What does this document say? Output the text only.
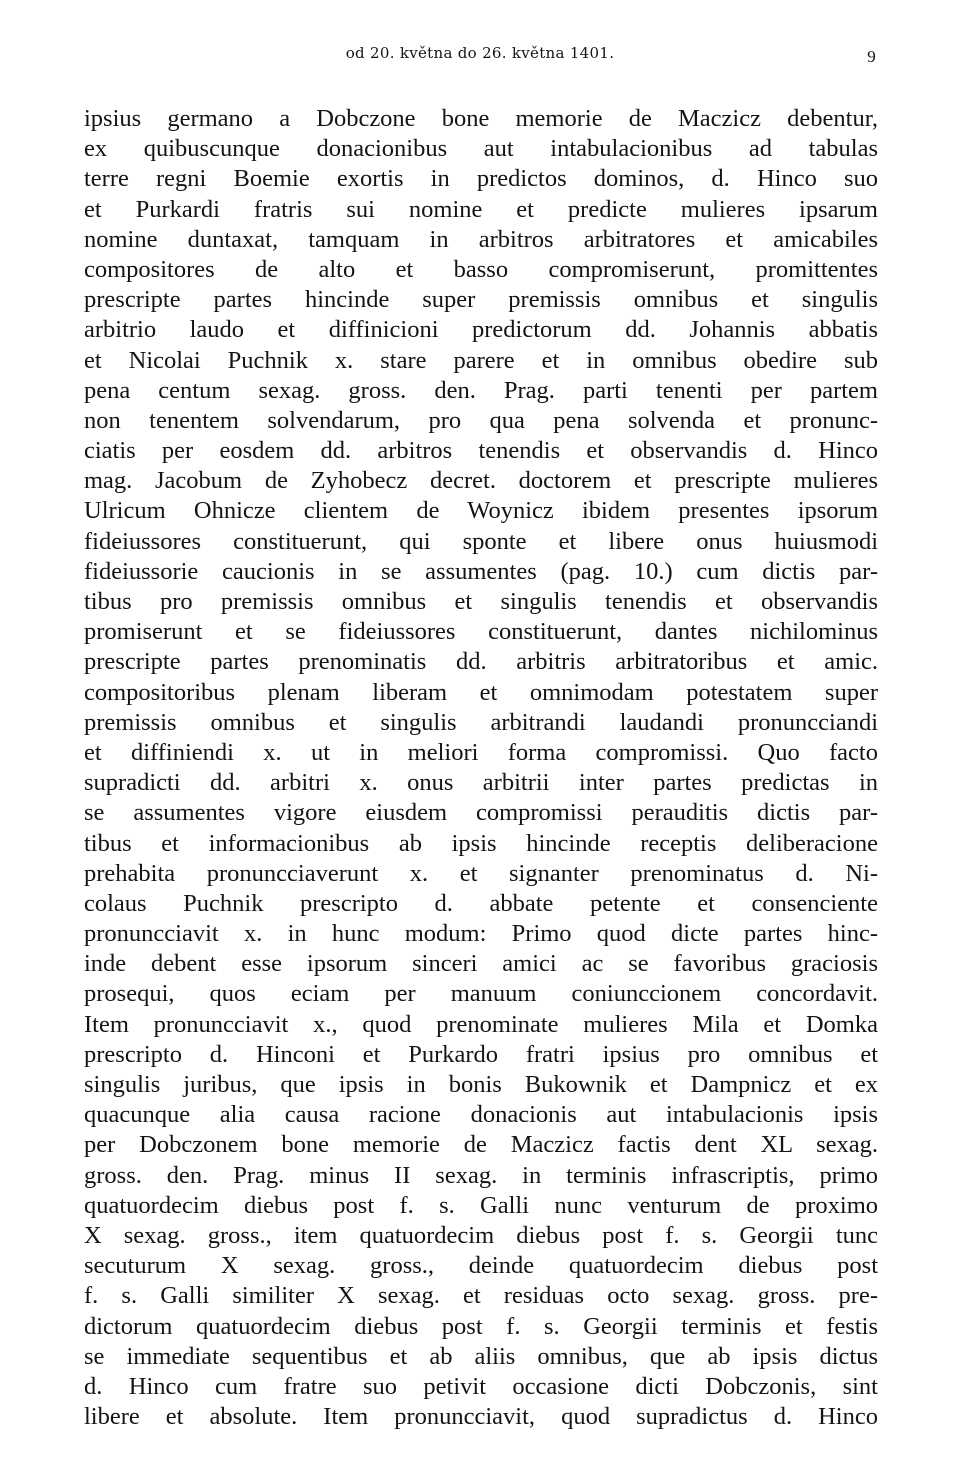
od 20. května do 26. května 1401.	9
ipsius germano a Dobczone bone memorie de Maczicz debentur,
ex quibuscunque donacionibus aut intabulacionibus ad tabulas
terre regni Boemie exortis in predictos dominos, d. Hinco suo
et Purkardi fratris sui nomine et predicte mulieres ipsarum
nomine duntaxat, tamquam in arbitros arbitratores et amicabiles
compositores de alto et basso compromiserunt, promittentes
prescripte partes hincinde super premissis omnibus et singulis
arbitrio laudo et diffinicioni predictorum dd. Johannis abbatis
et Nicolai Puchnik x. stare parere et in omnibus obedire sub
pena centum sexag. gross. den. Prag. parti tenenti per partem
non tenentem solvendarum, pro qua pena solvenda et pronunc-
ciatis per eosdem dd. arbitros tenendis et observandis d. Hinco
mag. Jacobum de Zyhobecz decret. doctorem et prescripte mulieres
Ulricum Ohnicze clientem de Woynicz ibidem presentes ipsorum
fideiussores constituerunt, qui sponte et libere onus huiusmodi
fideiussorie caucionis in se assumentes (pag. 10.) cum dictis par-
tibus pro premissis omnibus et singulis tenendis et observandis
promiserunt et se fideiussores constituerunt, dantes nichilominus
prescripte partes prenominatis dd. arbitris arbitratoribus et amic.
compositoribus plenam liberam et omnimodam potestatem super
premissis omnibus et singulis arbitrandi laudandi pronuncciandi
et diffiniendi x. ut in meliori forma compromissi. Quo facto
supradicti dd. arbitri x. onus arbitrii inter partes predictas in
se assumentes vigore eiusdem compromissi perauditis dictis par-
tibus et informacionibus ab ipsis hincinde receptis deliberacione
prehabita pronuncciaverunt x. et signanter prenominatus d. Ni-
colaus Puchnik prescripto d. abbate petente et consenciente
pronuncciavit x. in hunc modum: Primo quod dicte partes hinc-
inde debent esse ipsorum sinceri amici ac se favoribus graciosis
prosequi, quos eciam per manuum coniunccionem concordavit.
Item pronuncciavit x., quod prenominate mulieres Mila et Domka
prescripto d. Hinconi et Purkardo fratri ipsius pro omnibus et
singulis juribus, que ipsis in bonis Bukownik et Dampnicz et ex
quacunque alia causa racione donacionis aut intabulacionis ipsis
per Dobczonem bone memorie de Maczicz factis dent XL sexag.
gross. den. Prag. minus II sexag. in terminis infrascriptis, primo
quatuordecim diebus post f. s. Galli nunc venturum de proximo
X sexag. gross., item quatuordecim diebus post f. s. Georgii tunc
secuturum X sexag. gross., deinde quatuordecim diebus post
f. s. Galli similiter X sexag. et residuas octo sexag. gross. pre-
dictorum quatuordecim diebus post f. s. Georgii terminis et festis
se immediate sequentibus et ab aliis omnibus, que ab ipsis dictus
d. Hinco cum fratre suo petivit occasione dicti Dobczonis, sint
libere et absolute. Item pronuncciavit, quod supradictus d. Hinco
